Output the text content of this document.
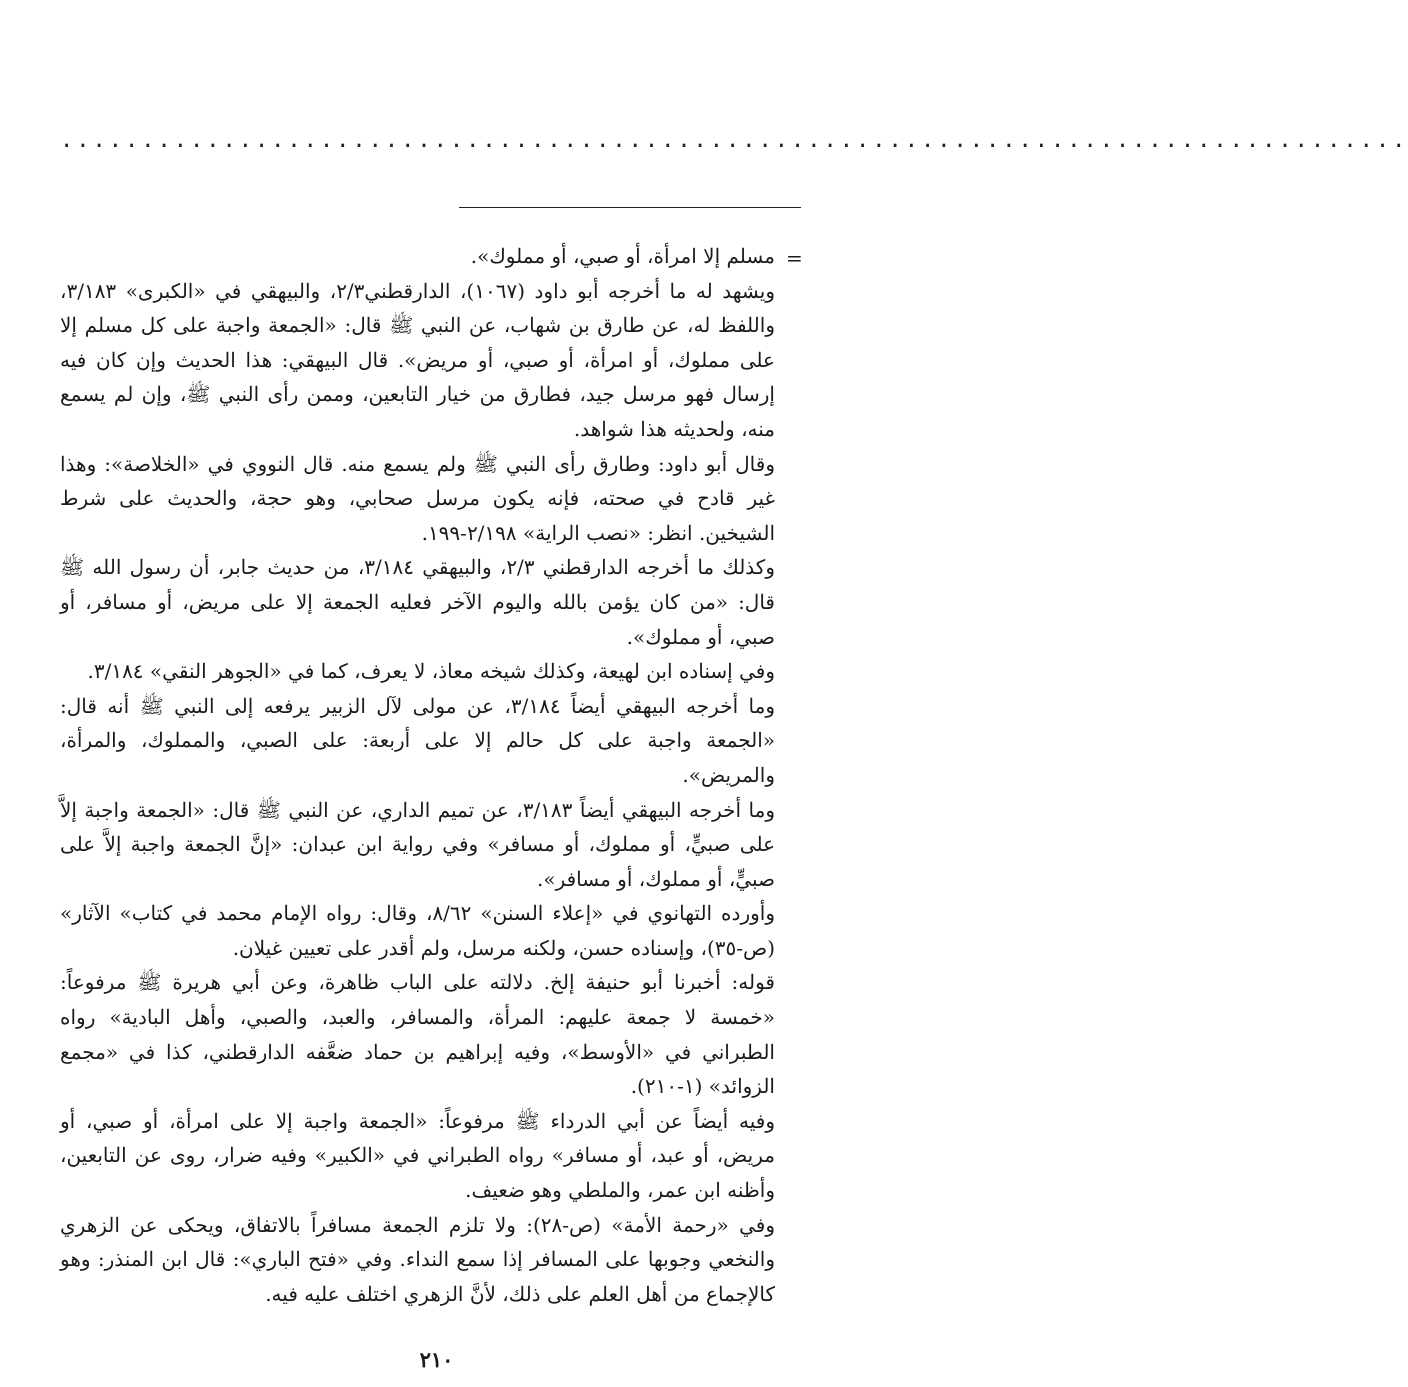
...................................................................................
=

مسلم إلا امرأة، أو صبي، أو مملوك».

ويشهد له ما أخرجه أبو داود (١٠٦٧)، الدارقطني٢/٣، والبيهقي في «الكبرى» ٣/١٨٣، واللفظ له، عن طارق بن شهاب، عن النبي ﷺ قال: «الجمعة واجبة على كل مسلم إلا على مملوك، أو امرأة، أو صبي، أو مريض». قال البيهقي: هذا الحديث وإن كان فيه إرسال فهو مرسل جيد، فطارق من خيار التابعين، وممن رأى النبي ﷺ، وإن لم يسمع منه، ولحديثه هذا شواهد.

وقال أبو داود: وطارق رأى النبي ﷺ ولم يسمع منه. قال النووي في «الخلاصة»: وهذا غير قادح في صحته، فإنه يكون مرسل صحابي، وهو حجة، والحديث على شرط الشيخين. انظر: «نصب الراية» ٢/١٩٨-١٩٩.

وكذلك ما أخرجه الدارقطني ٢/٣، والبيهقي ٣/١٨٤، من حديث جابر، أن رسول الله ﷺ قال: «من كان يؤمن بالله واليوم الآخر فعليه الجمعة إلا على مريض، أو مسافر، أو صبي، أو مملوك».

وفي إسناده ابن لهيعة، وكذلك شيخه معاذ، لا يعرف، كما في «الجوهر النقي» ٣/١٨٤.

وما أخرجه البيهقي أيضاً ٣/١٨٤، عن مولى لآل الزبير يرفعه إلى النبي ﷺ أنه قال: «الجمعة واجبة على كل حالم إلا على أربعة: على الصبي، والمملوك، والمرأة، والمريض».

وما أخرجه البيهقي أيضاً ٣/١٨٣، عن تميم الداري، عن النبي ﷺ قال: «الجمعة واجبة إلاَّ على صبيٍّ، أو مملوك، أو مسافر» وفي رواية ابن عبدان: «إنَّ الجمعة واجبة إلاَّ على صبيٍّ، أو مملوك، أو مسافر».

وأورده التهانوي في «إعلاء السنن» ٨/٦٢، وقال: رواه الإمام محمد في كتاب» الآثار» (ص-٣٥)، وإسناده حسن، ولكنه مرسل، ولم أقدر على تعيين غيلان.

قوله: أخبرنا أبو حنيفة إلخ. دلالته على الباب ظاهرة، وعن أبي هريرة ﷺ مرفوعاً: «خمسة لا جمعة عليهم: المرأة، والمسافر، والعبد، والصبي، وأهل البادية» رواه الطبراني في «الأوسط»، وفيه إبراهيم بن حماد ضعَّفه الدارقطني، كذا في «مجمع الزوائد» (١-٢١٠).

وفيه أيضاً عن أبي الدرداء ﷺ مرفوعاً: «الجمعة واجبة إلا على امرأة، أو صبي، أو مريض، أو عبد، أو مسافر» رواه الطبراني في «الكبير» وفيه ضرار، روى عن التابعين، وأظنه ابن عمر، والملطي وهو ضعيف.

وفي «رحمة الأمة» (ص-٢٨): ولا تلزم الجمعة مسافراً بالاتفاق، ويحكى عن الزهري والنخعي وجوبها على المسافر إذا سمع النداء. وفي «فتح الباري»: قال ابن المنذر: وهو كالإجماع من أهل العلم على ذلك، لأنَّ الزهري اختلف عليه فيه.

٢١٠
